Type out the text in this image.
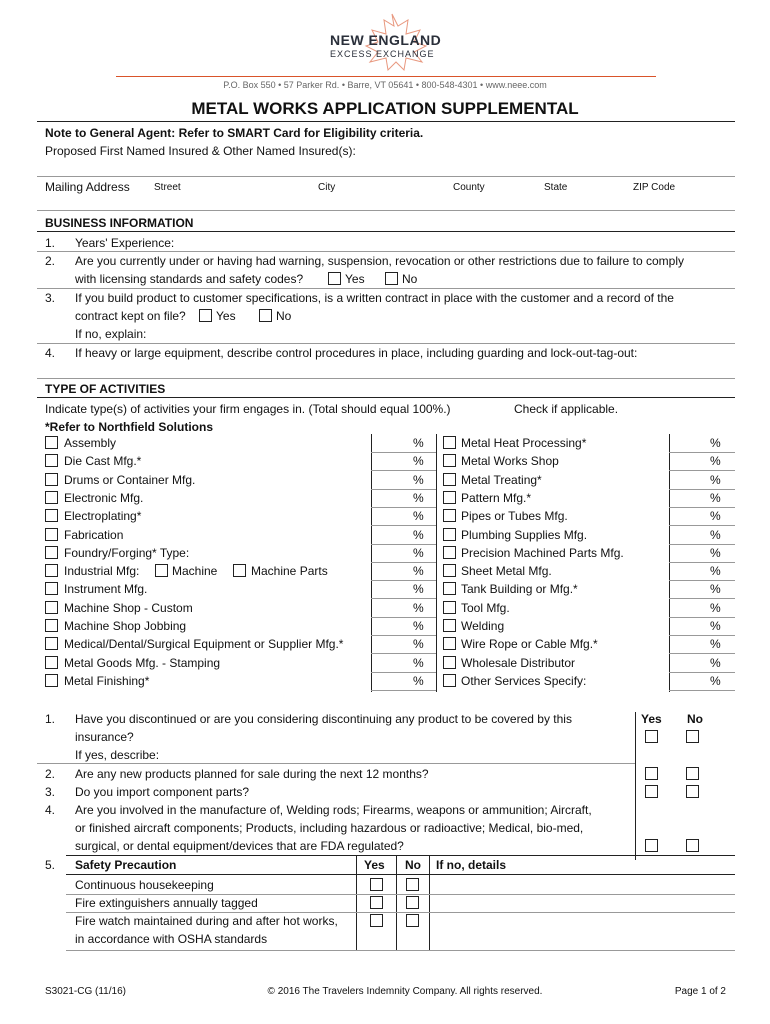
NEW ENGLAND
EXCESS EXCHANGE
P.O. Box 550 • 57 Parker Rd. • Barre, VT 05641 • 800-548-4301 • www.neee.com
METAL WORKS APPLICATION SUPPLEMENTAL
Note to General Agent: Refer to SMART Card for Eligibility criteria.
Proposed First Named Insured & Other Named Insured(s):
Mailing Address Street	City	County	State	ZIP Code
BUSINESS INFORMATION
1. Years' Experience:
2. Are you currently under or having had warning, suspension, revocation or other restrictions due to failure to comply
with licensing standards and safety codes?	Yes	No
3. If you build product to customer specifications, is a written contract in place with the customer and a record of the
contract kept on file?	Yes	No
If no, explain:
4. If heavy or large equipment, describe control procedures in place, including guarding and lock-out-tag-out:
TYPE OF ACTIVITIES
Indicate type(s) of activities your firm engages in. (Total should equal 100%.)	Check if applicable.
*Refer to Northfield Solutions
Assembly	%
Die Cast Mfg.*	%
Drums or Container Mfg.	%
Electronic Mfg.	%
Electroplating*	%
Fabrication	%
Foundry/Forging* Type:	%
Industrial Mfg:	Machine	Machine Parts	%
Instrument Mfg.	%
Machine Shop - Custom	%
Machine Shop Jobbing	%
Medical/Dental/Surgical Equipment or Supplier Mfg.*	%
Metal Goods Mfg. - Stamping	%
Metal Finishing*	%
Metal Heat Processing*	%
Metal Works Shop	%
Metal Treating*	%
Pattern Mfg.*	%
Pipes or Tubes Mfg.	%
Plumbing Supplies Mfg.	%
Precision Machined Parts Mfg.	%
Sheet Metal Mfg.	%
Tank Building or Mfg.*	%
Tool Mfg.	%
Welding	%
Wire Rope or Cable Mfg.*	%
Wholesale Distributor	%
Other Services Specify:	%
Yes No
1. Have you discontinued or are you considering discontinuing any product to be covered by this
insurance?
If yes, describe:
2. Are any new products planned for sale during the next 12 months?
3. Do you import component parts?
4. Are you involved in the manufacture of, Welding rods; Firearms, weapons or ammunition; Aircraft,
or finished aircraft components; Products, including hazardous or radioactive; Medical, bio-med,
surgical, or dental equipment/devices that are FDA regulated?
5. Safety Precaution	Yes No If no, details
Continuous housekeeping
Fire extinguishers annually tagged
Fire watch maintained during and after hot works,
in accordance with OSHA standards
S3021-CG (11/16)	© 2016 The Travelers Indemnity Company. All rights reserved.	Page 1 of 2
